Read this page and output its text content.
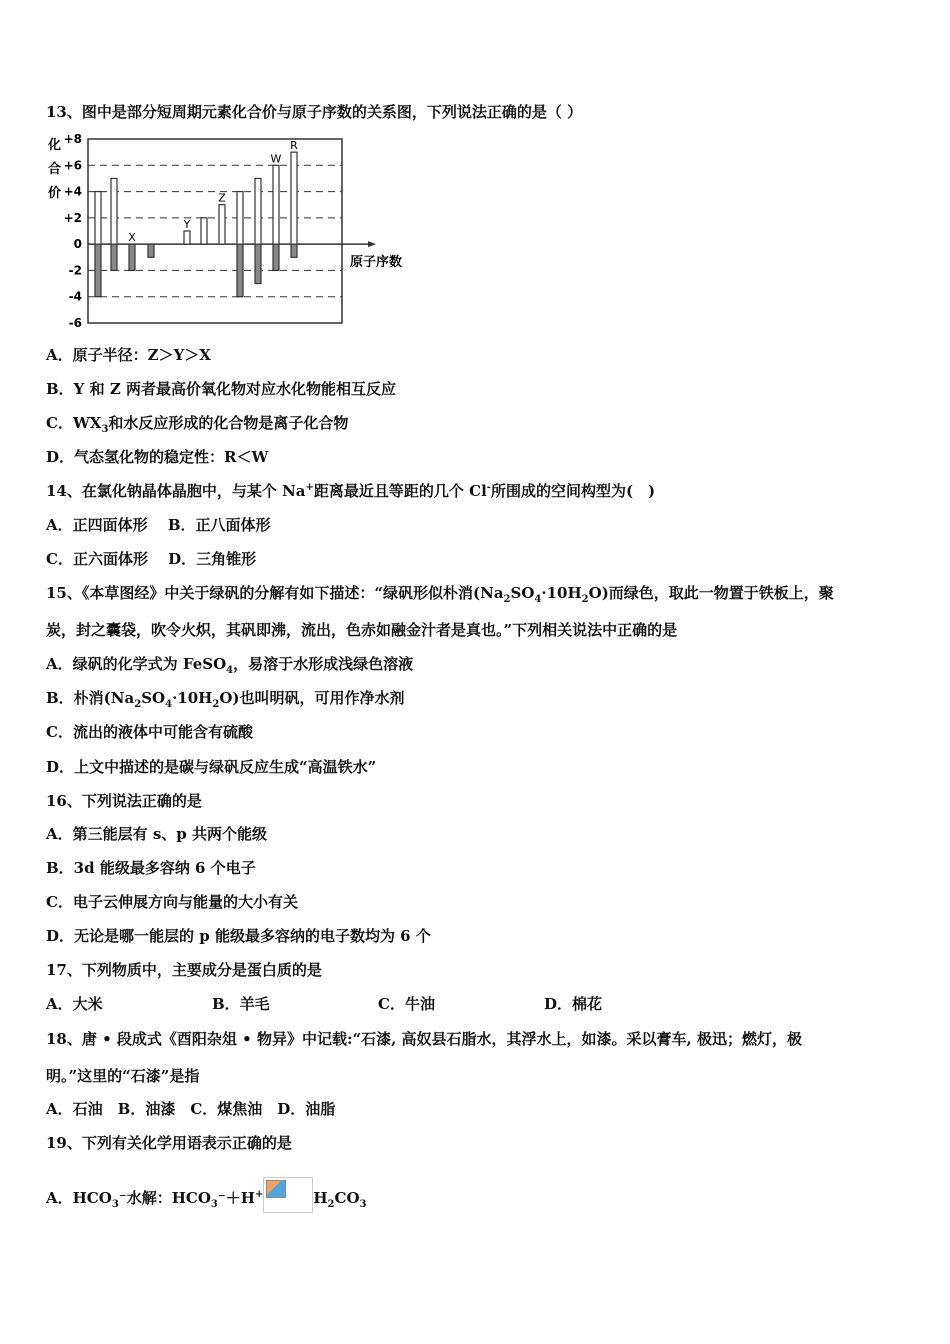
13、图中是部分短周期元素化合价与原子序数的关系图，下列说法正确的是（ ）
化
合
价
+8
+6
+4
+2
0
-2
-4
-6
原子序数
X
Y
Z
W
R
A．原子半径：Z＞Y＞X
B．Y 和 Z 两者最高价氧化物对应水化物能相互反应
C．$WX_3$和水反应形成的化合物是离子化合物
D．气态氢化物的稳定性：R＜W
14、在氯化钠晶体晶胞中，与某个 Na+距离最近且等距的几个 Cl-所围成的空间构型为(　)
A．正四面体形　 B．正八面体形
C．正六面体形　 D．三角锥形
15、《本草图经》中关于绿矾的分解有如下描述：“绿矾形似朴消$(Na_2SO_4\cdot 10H_2O)$而绿色，取此一物置于铁板上，聚
炭，封之囊袋，吹令火炽，其矾即沸，流出，色赤如融金汁者是真也。”下列相关说法中正确的是
A．绿矾的化学式为 FeSO$_4$，易溶于水形成浅绿色溶液
B．朴消$(Na_2SO_4\cdot 10H_2O)$也叫明矾，可用作净水剂
C．流出的液体中可能含有硫酸
D．上文中描述的是碳与绿矾反应生成“高温铁水”
16、下列说法正确的是
A．第三能层有 s、p 共两个能级
B．3d 能级最多容纳 6 个电子
C．电子云伸展方向与能量的大小有关
D．无论是哪一能层的 p 能级最多容纳的电子数均为 6 个
17、下列物质中，主要成分是蛋白质的是
A．大米	B．羊毛	C．牛油	D．棉花
18、唐 • 段成式《酉阳杂俎 • 物异》中记载:“石漆, 高奴县石脂水，其浮水上，如漆。采以膏车, 极迅；燃灯，极
明。”这里的“石漆”是指
A．石油　B．油漆　C．煤焦油　D．油脂
19、下列有关化学用语表示正确的是
A．$HCO_3^-$水解：$HCO_3^-+H^+$	$H_2CO_3$
